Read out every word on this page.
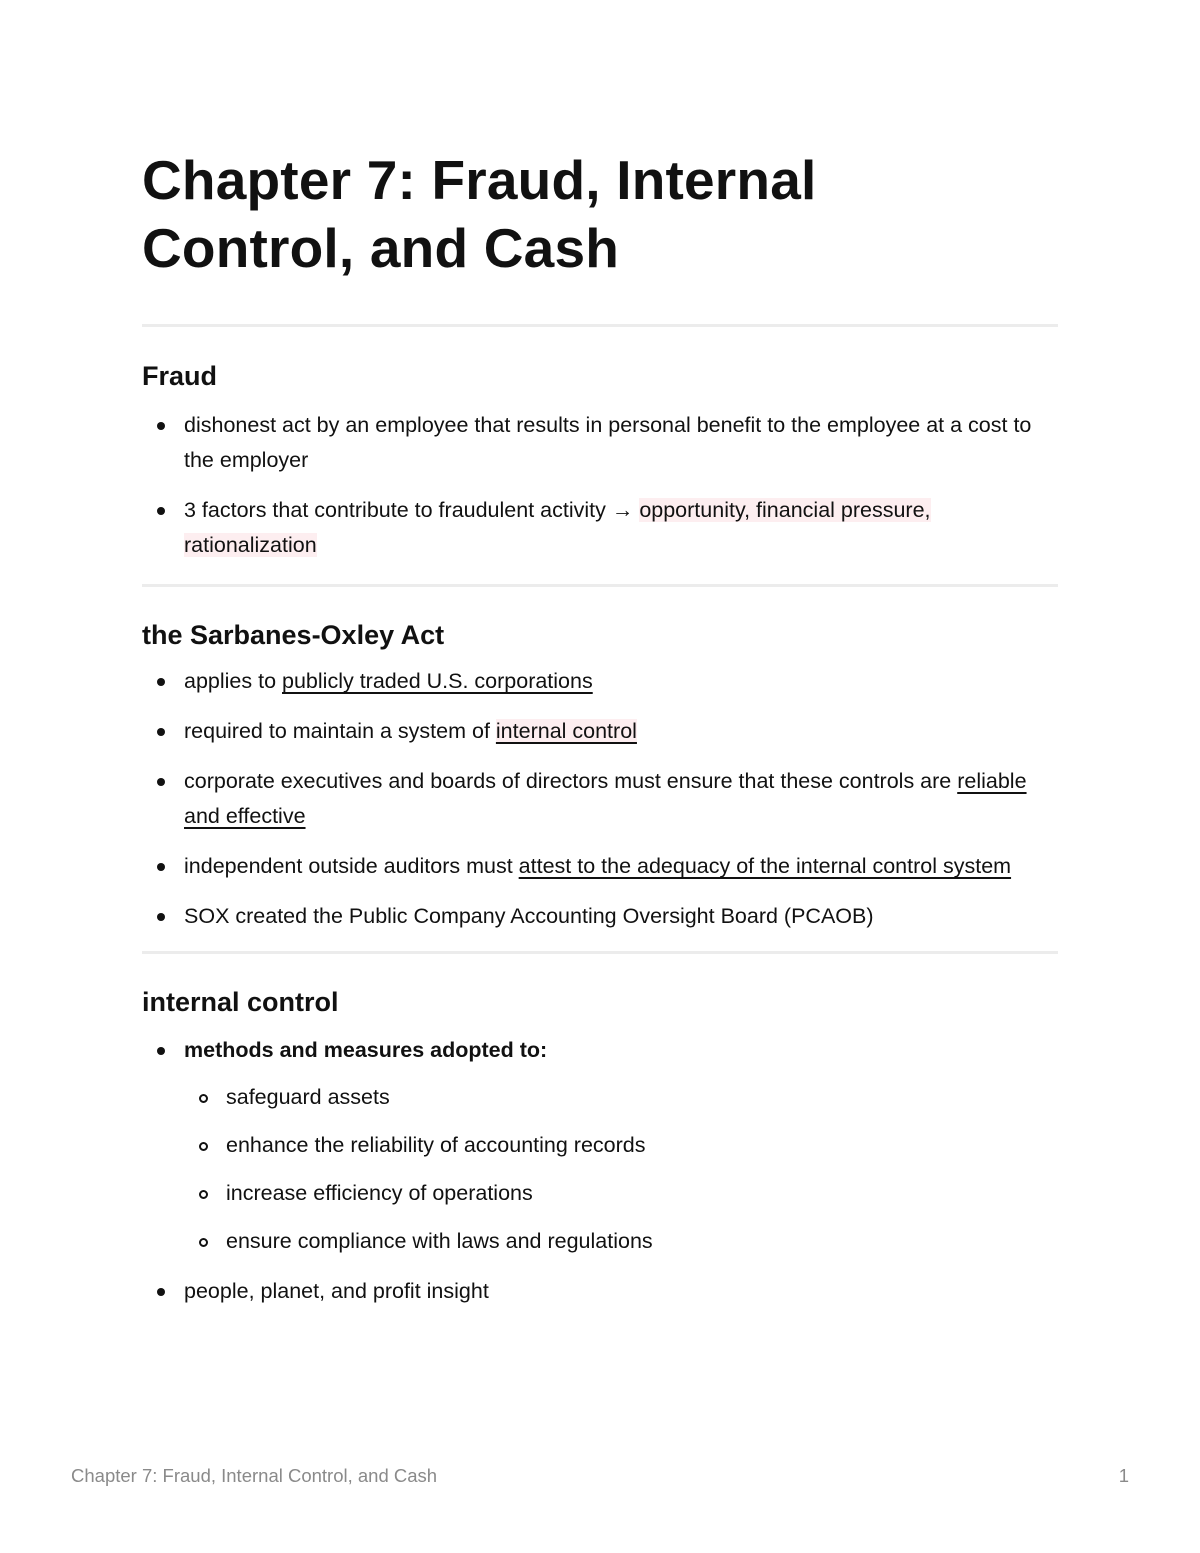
Chapter 7: Fraud, Internal
Control, and Cash
Fraud
dishonest act by an employee that results in personal benefit to the employee at a cost to the employer
3 factors that contribute to fraudulent activity → opportunity, financial pressure, rationalization
the Sarbanes-Oxley Act
applies to publicly traded U.S. corporations
required to maintain a system of internal control
corporate executives and boards of directors must ensure that these controls are reliable and effective
independent outside auditors must attest to the adequacy of the internal control system
SOX created the Public Company Accounting Oversight Board (PCAOB)
internal control
methods and measures adopted to:
safeguard assets
enhance the reliability of accounting records
increase efficiency of operations
ensure compliance with laws and regulations
people, planet, and profit insight
Chapter 7: Fraud, Internal Control, and Cash	1
